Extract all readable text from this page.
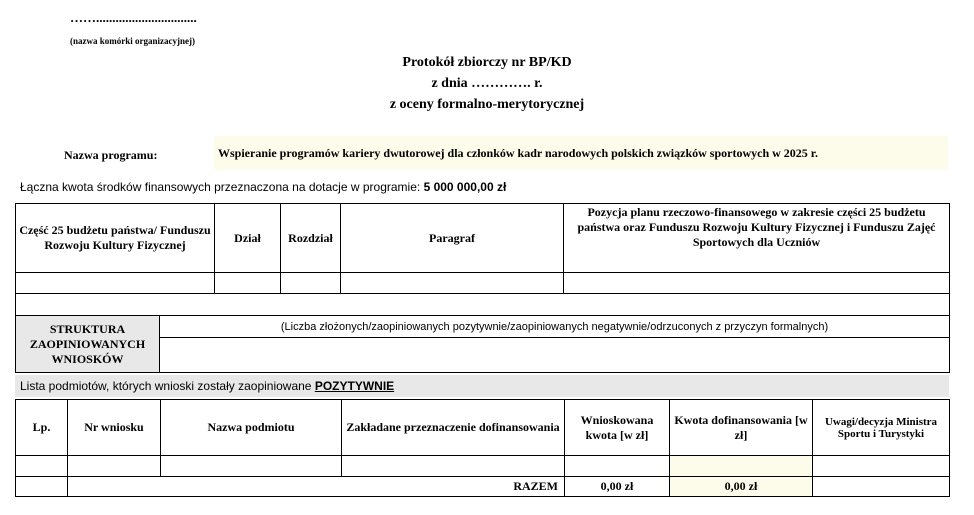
……...............................
(nazwa komórki organizacyjnej)
Protokół zbiorczy nr BP/KD
z dnia …………. r.
z oceny formalno-merytorycznej
Nazwa programu:	Wspieranie programów kariery dwutorowej dla członków kadr narodowych polskich związków sportowych w 2025 r.
Łączna kwota środków finansowych przeznaczona na dotacje w programie: 5 000 000,00 zł
Część 25 budżetu państwa/ Funduszu Rozwoju Kultury Fizycznej	Dział	Rozdział	Paragraf	Pozycja planu rzeczowo-finansowego w zakresie części 25 budżetu państwa oraz Funduszu Rozwoju Kultury Fizycznej i Funduszu Zajęć Sportowych dla Uczniów

STRUKTURA ZAOPINIOWANYCH WNIOSKÓW	(Liczba złożonych/zaopiniowanych pozytywnie/zaopiniowanych negatywnie/odrzuconych z przyczyn formalnych)

Lista podmiotów, których wnioski zostały zaopiniowane POZYTYWNIE
Lp.	Nr wniosku	Nazwa podmiotu	Zakładane przeznaczenie dofinansowania	Wnioskowana kwota [w zł]	Kwota dofinansowania [w zł]	Uwagi/decyzja Ministra Sportu i Turystyki

	RAZEM			0,00 zł	0,00 zł	
